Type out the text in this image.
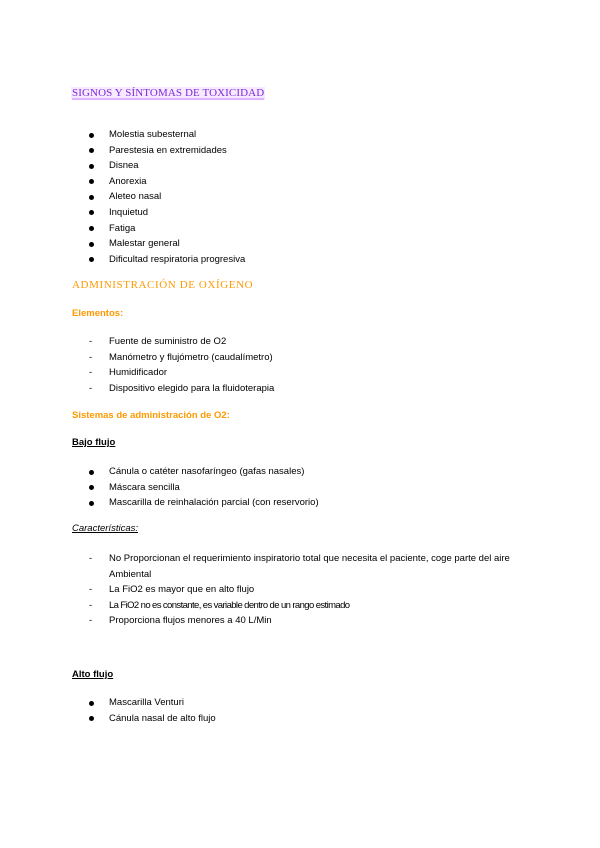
SIGNOS Y SÍNTOMAS DE TOXICIDAD
Molestia subesternal
Parestesia en extremidades
Disnea
Anorexia
Aleteo nasal
Inquietud
Fatiga
Malestar general
Dificultad respiratoria progresiva
ADMINISTRACIÓN DE OXÍGENO
Elementos:
- Fuente de suministro de O2
- Manómetro y flujómetro (caudalímetro)
- Humidificador
- Dispositivo elegido para la fluidoterapia
Sistemas de administración de O2:
Bajo flujo
Cánula o catéter nasofaríngeo (gafas nasales)
Máscara sencilla
Mascarilla de reinhalación parcial (con reservorio)
Características:
- No Proporcionan el requerimiento inspiratorio total que necesita el paciente, coge parte del aire Ambiental
- La FiO2 es mayor que en alto flujo
- La FiO2 no es constante, es variable dentro de un rango estimado
- Proporciona flujos menores a 40 L/Min
Alto flujo
Mascarilla Venturi
Cánula nasal de alto flujo
